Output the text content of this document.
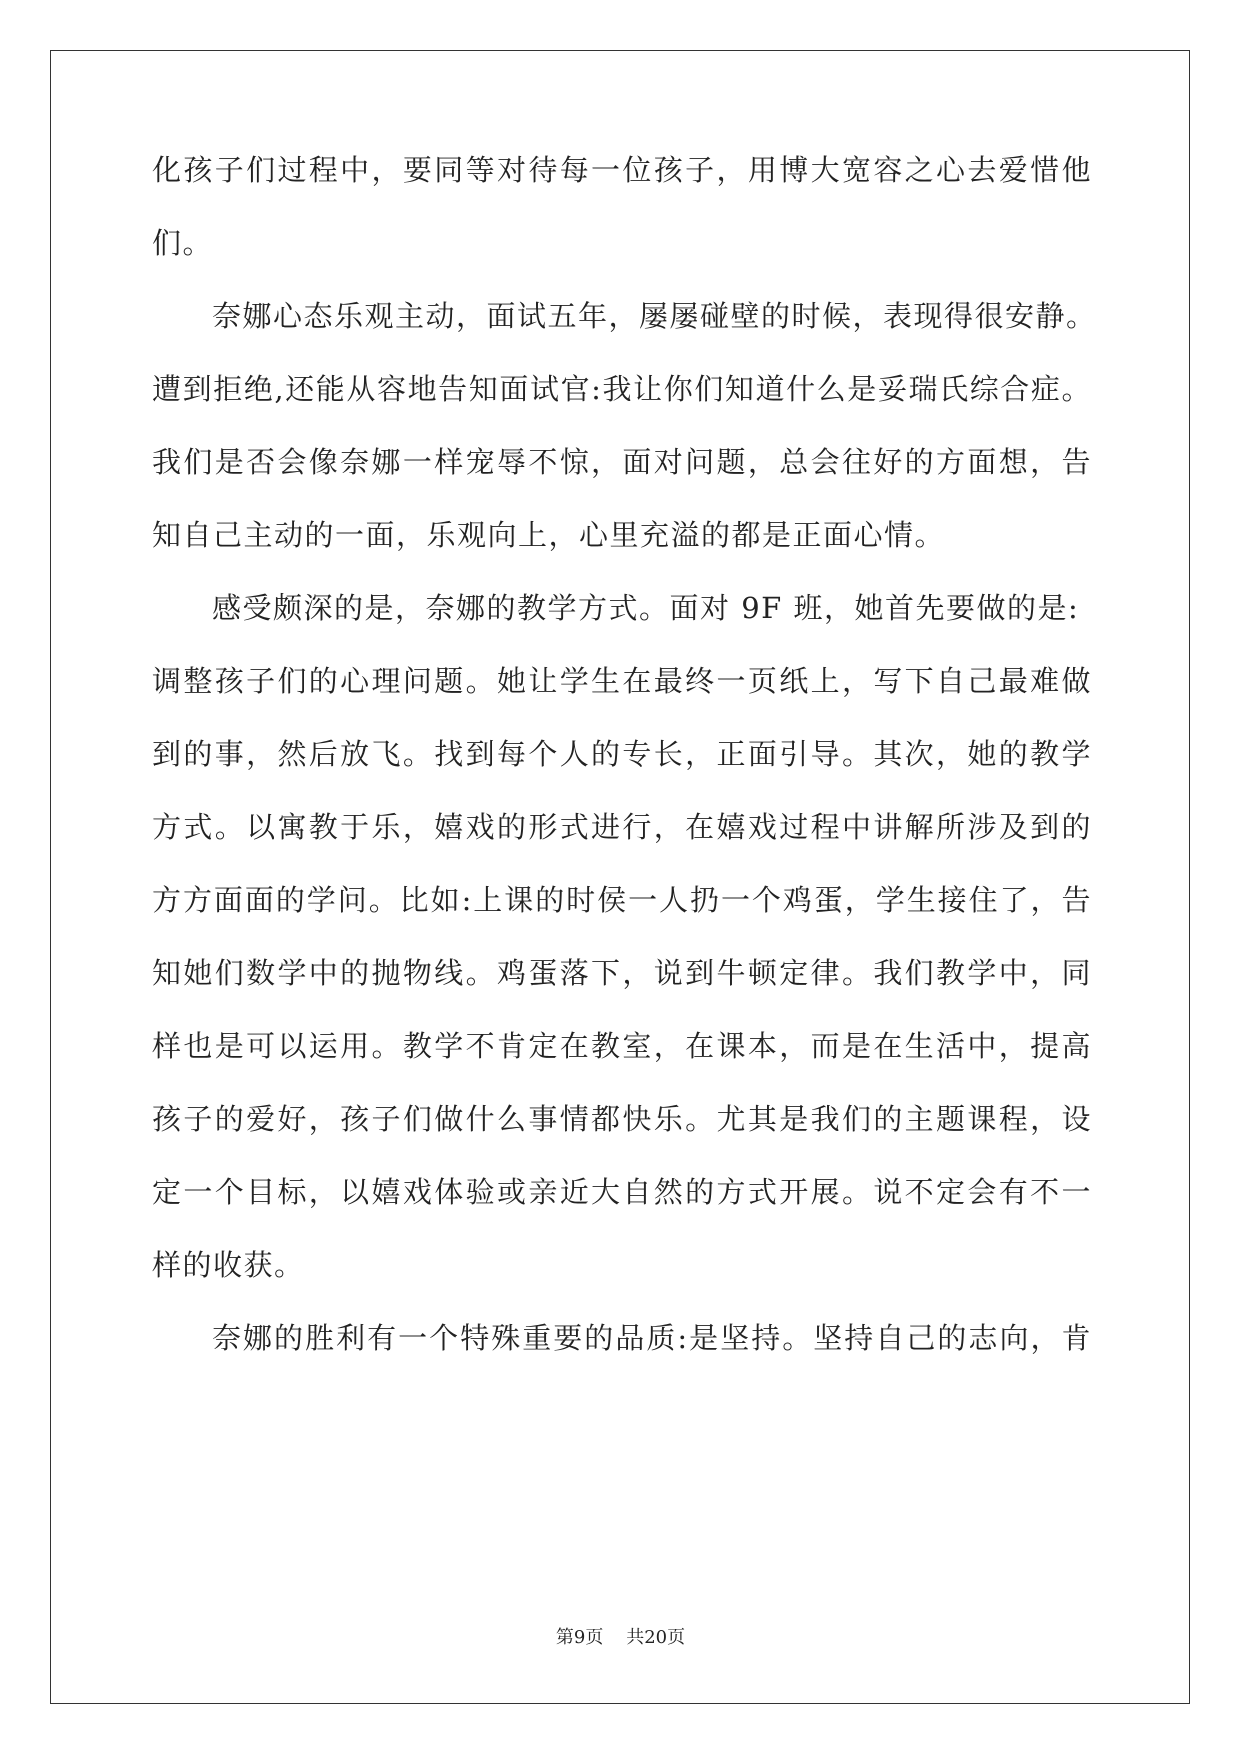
化孩子们过程中，要同等对待每一位孩子，用博大宽容之心去爱惜他
们。
奈娜心态乐观主动，面试五年，屡屡碰壁的时候，表现得很安静。
遭到拒绝,还能从容地告知面试官:我让你们知道什么是妥瑞氏综合症。
我们是否会像奈娜一样宠辱不惊，面对问题，总会往好的方面想，告
知自己主动的一面，乐观向上，心里充溢的都是正面心情。
感受颇深的是，奈娜的教学方式。面对 9F 班，她首先要做的是:
调整孩子们的心理问题。她让学生在最终一页纸上，写下自己最难做
到的事，然后放飞。找到每个人的专长，正面引导。其次，她的教学
方式。以寓教于乐，嬉戏的形式进行，在嬉戏过程中讲解所涉及到的
方方面面的学问。比如:上课的时侯一人扔一个鸡蛋，学生接住了，告
知她们数学中的抛物线。鸡蛋落下，说到牛顿定律。我们教学中，同
样也是可以运用。教学不肯定在教室，在课本，而是在生活中，提高
孩子的爱好，孩子们做什么事情都快乐。尤其是我们的主题课程，设
定一个目标，以嬉戏体验或亲近大自然的方式开展。说不定会有不一
样的收获。
奈娜的胜利有一个特殊重要的品质:是坚持。坚持自己的志向，肯
第9页 共20页
